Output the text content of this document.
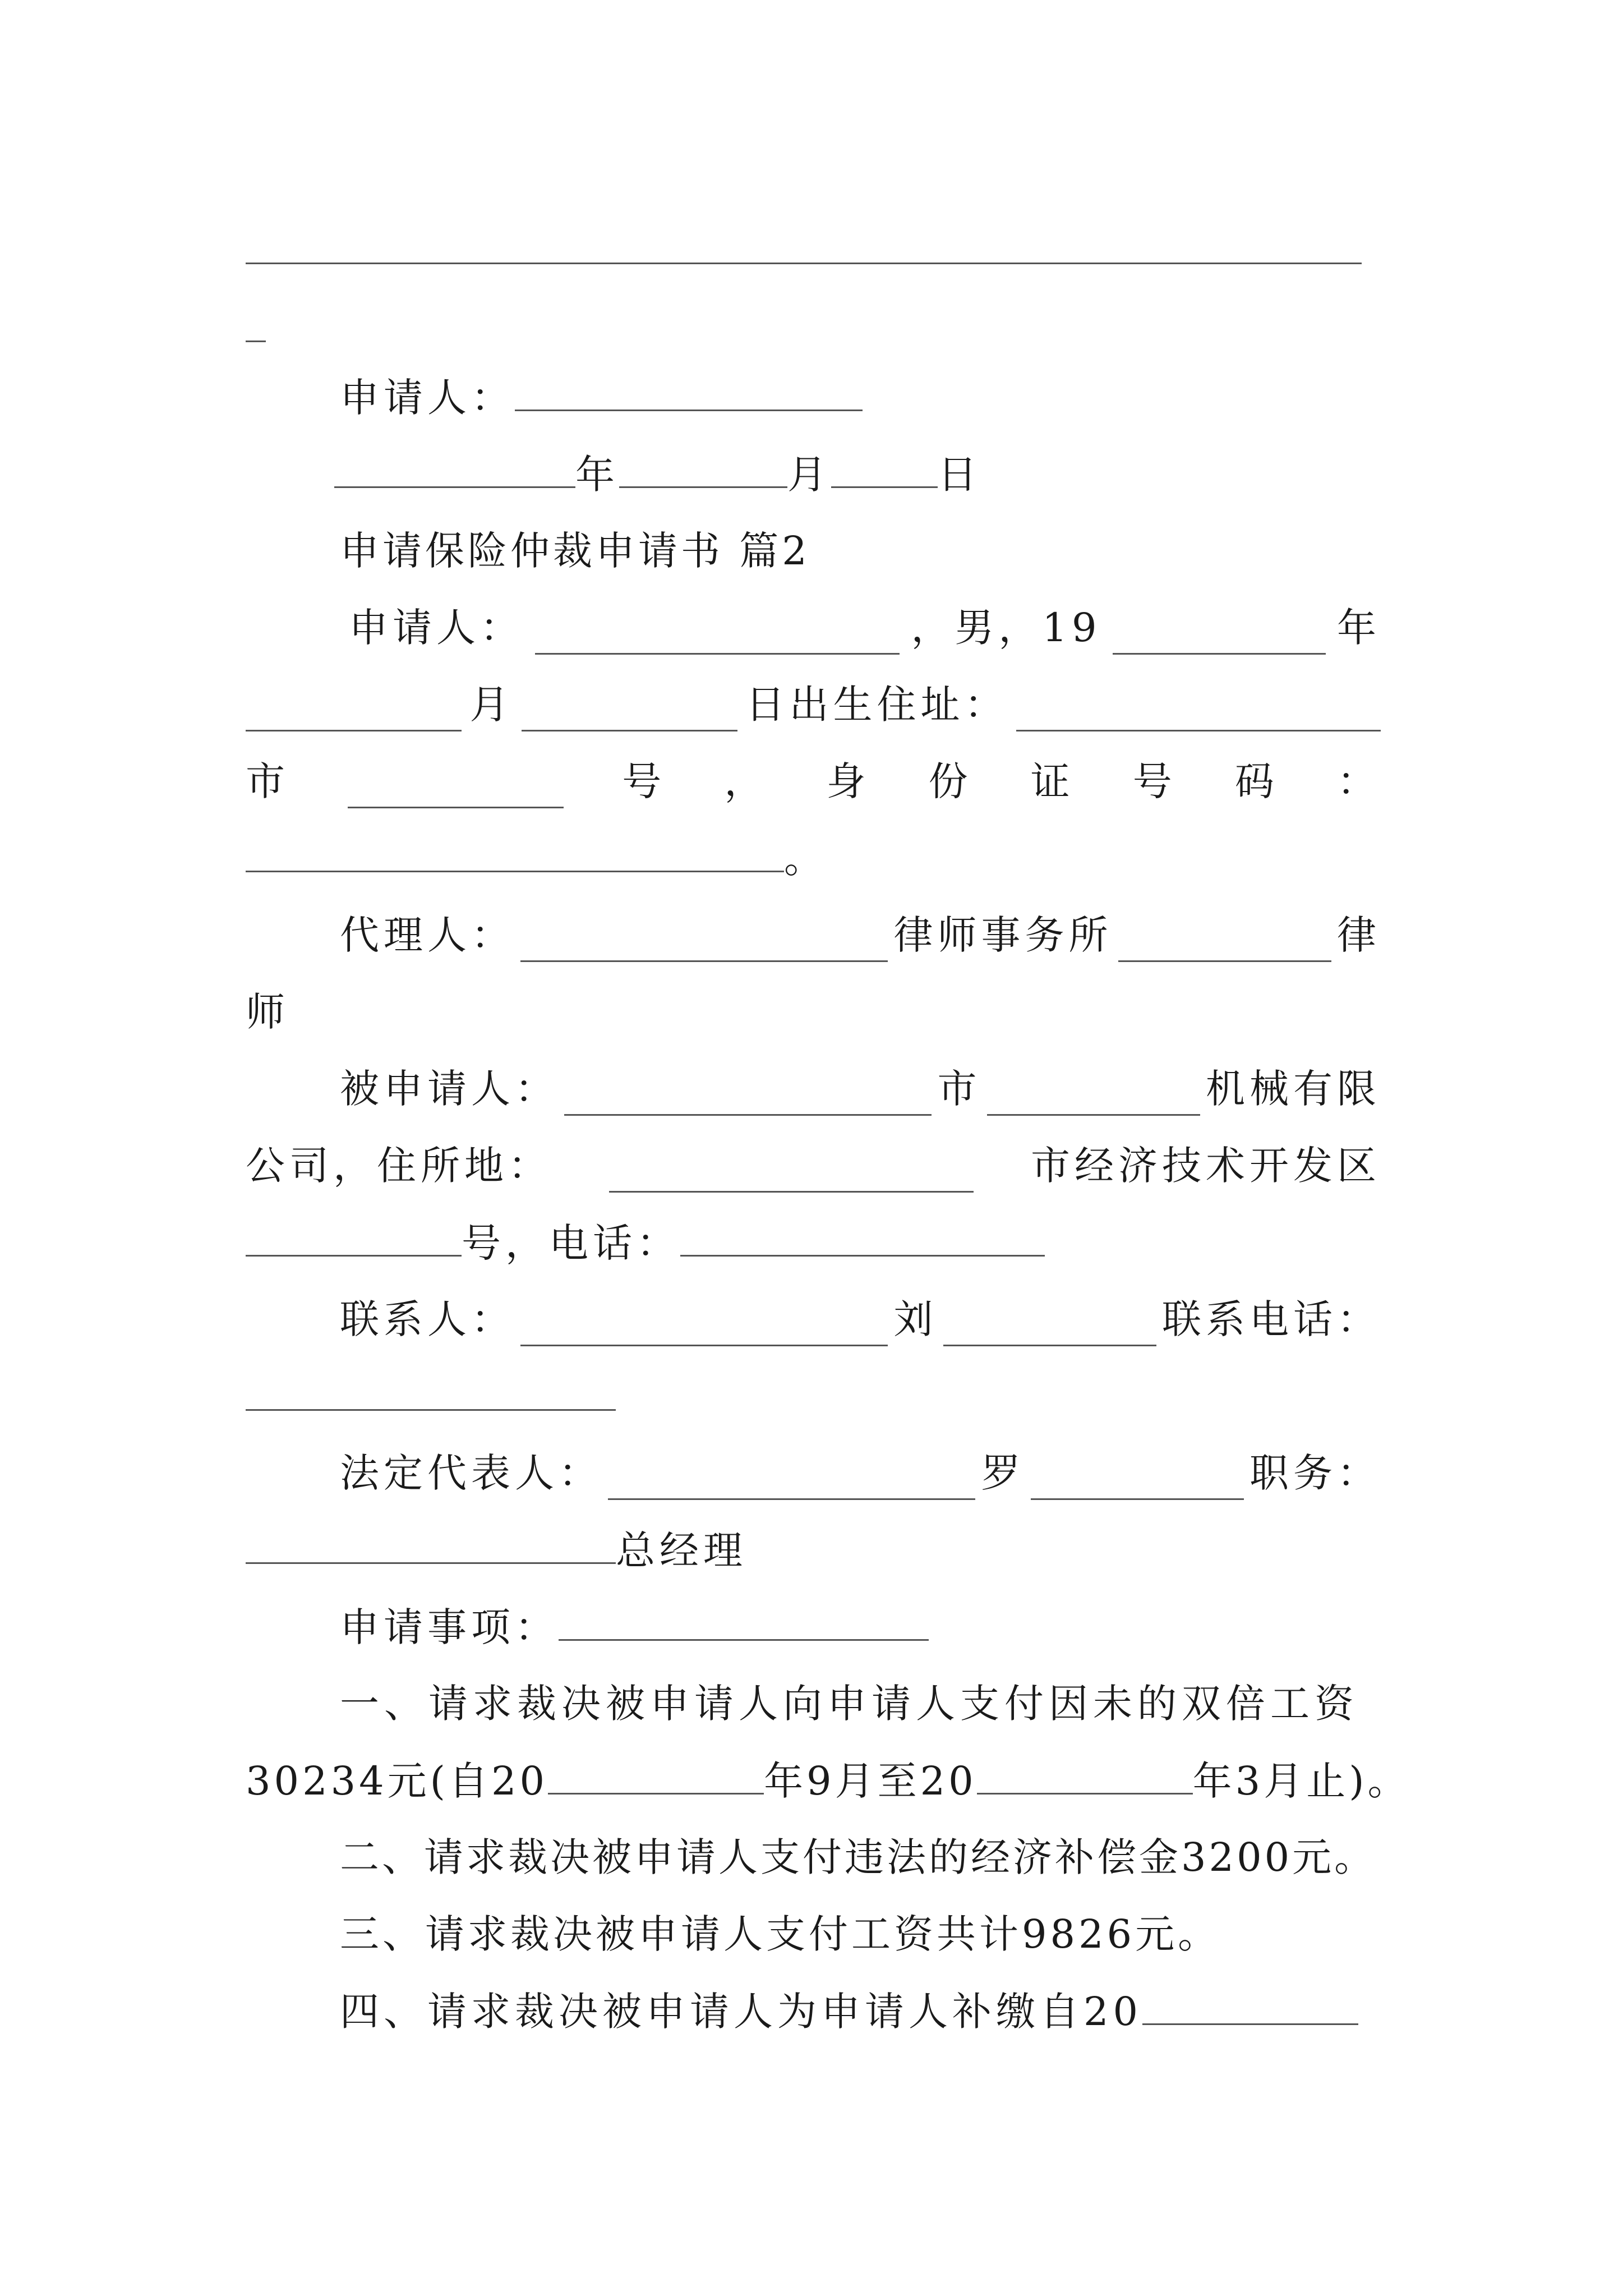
申请人：
年	月	日
申请保险仲裁申请书 篇2
申请人：	，男，19	年
月	日出生住址：
市	号 ， 身 份 证 号 码 ：
。
代理人：	律师事务所	律
师
被申请人：	市	机械有限
公司，住所地：	市经济技术开发区
号，电话：
联系人：	刘	联系电话：
法定代表人：	罗	职务：
总经理
申请事项：
一、请求裁决被申请人向申请人支付因未的双倍工资
30234元(自20	年9月至20	年3月止)。
二、请求裁决被申请人支付违法的经济补偿金3200元。
三、请求裁决被申请人支付工资共计9826元。
四、请求裁决被申请人为申请人补缴自20
